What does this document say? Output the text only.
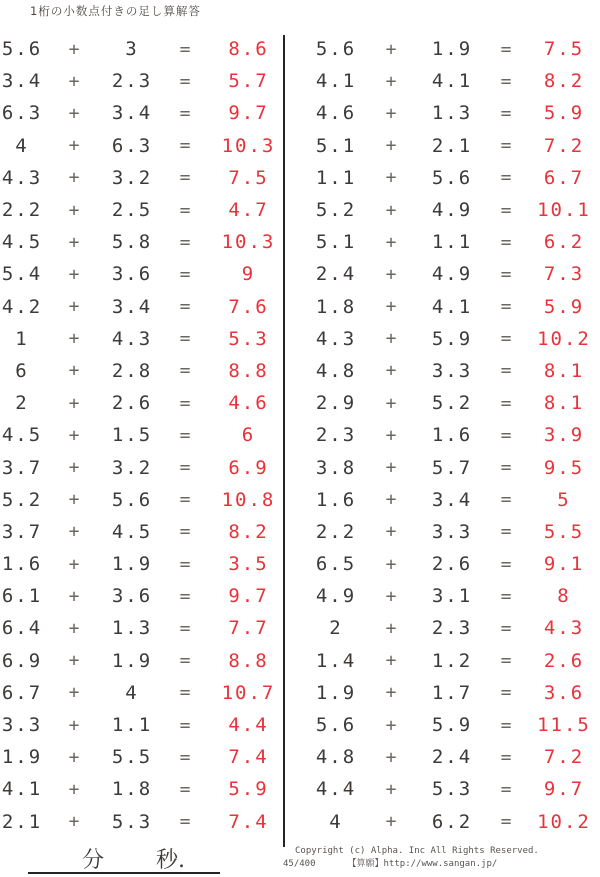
1桁の小数点付きの足し算解答
5.6	+	3	=	8.6
3.4	+	2.3	=	5.7
6.3	+	3.4	=	9.7
4	+	6.3	=	10.3
4.3	+	3.2	=	7.5
2.2	+	2.5	=	4.7
4.5	+	5.8	=	10.3
5.4	+	3.6	=	9
4.2	+	3.4	=	7.6
1	+	4.3	=	5.3
6	+	2.8	=	8.8
2	+	2.6	=	4.6
4.5	+	1.5	=	6
3.7	+	3.2	=	6.9
5.2	+	5.6	=	10.8
3.7	+	4.5	=	8.2
1.6	+	1.9	=	3.5
6.1	+	3.6	=	9.7
6.4	+	1.3	=	7.7
6.9	+	1.9	=	8.8
6.7	+	4	=	10.7
3.3	+	1.1	=	4.4
1.9	+	5.5	=	7.4
4.1	+	1.8	=	5.9
2.1	+	5.3	=	7.4
5.6	+	1.9	=	7.5
4.1	+	4.1	=	8.2
4.6	+	1.3	=	5.9
5.1	+	2.1	=	7.2
1.1	+	5.6	=	6.7
5.2	+	4.9	=	10.1
5.1	+	1.1	=	6.2
2.4	+	4.9	=	7.3
1.8	+	4.1	=	5.9
4.3	+	5.9	=	10.2
4.8	+	3.3	=	8.1
2.9	+	5.2	=	8.1
2.3	+	1.6	=	3.9
3.8	+	5.7	=	9.5
1.6	+	3.4	=	5
2.2	+	3.3	=	5.5
6.5	+	2.6	=	9.1
4.9	+	3.1	=	8
2	+	2.3	=	4.3
1.4	+	1.2	=	2.6
1.9	+	1.7	=	3.6
5.6	+	5.9	=	11.5
4.8	+	2.4	=	7.2
4.4	+	5.3	=	9.7
4	+	6.2	=	10.2
分 秒.	Copyright (c) Alpha. Inc All Rights Reserved.
45/400	【算願】http://www.sangan.jp/
